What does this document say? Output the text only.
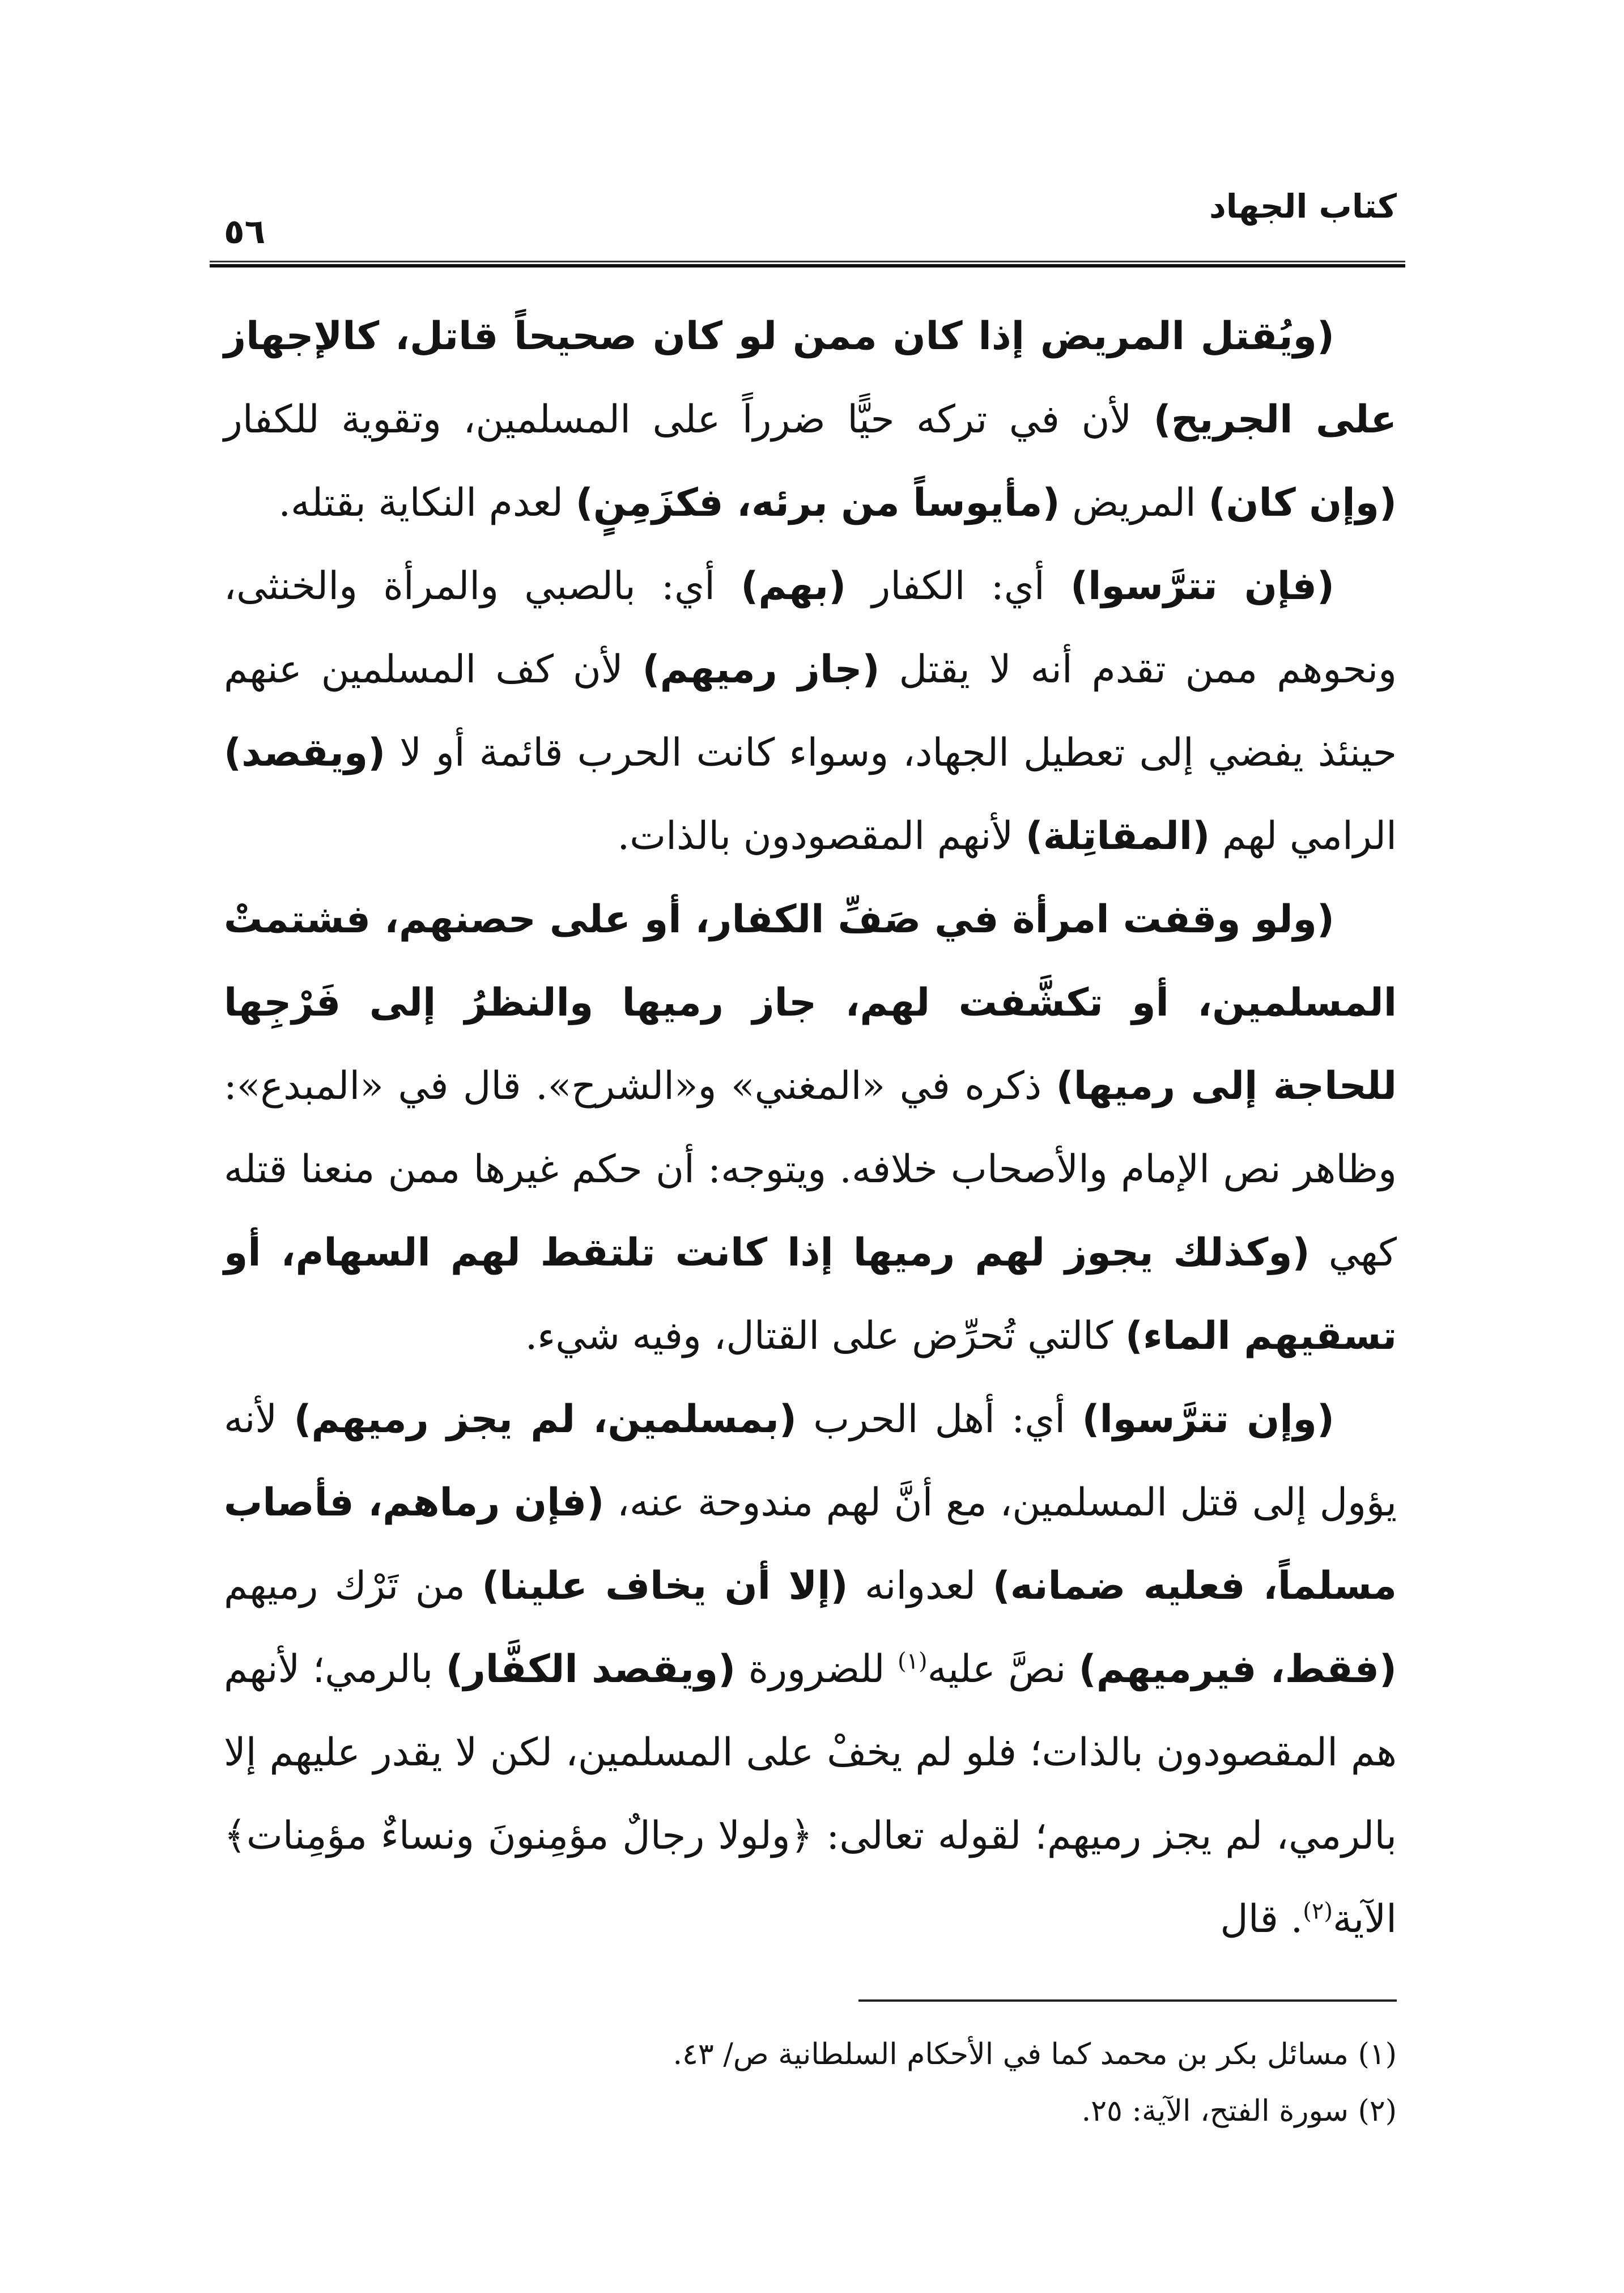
كتاب الجهاد
٥٦

(ويُقتل المريض إذا كان ممن لو كان صحيحاً قاتل، كالإجهاز على الجريح) لأن في تركه حيًّا ضرراً على المسلمين، وتقوية للكفار (وإن كان) المريض (مأيوساً من برئه، فكزَمِنٍ) لعدم النكاية بقتله.

(فإن تترَّسوا) أي: الكفار (بهم) أي: بالصبي والمرأة والخنثى، ونحوهم ممن تقدم أنه لا يقتل (جاز رميهم) لأن كف المسلمين عنهم حينئذ يفضي إلى تعطيل الجهاد، وسواء كانت الحرب قائمة أو لا (ويقصد) الرامي لهم (المقاتِلة) لأنهم المقصودون بالذات.

(ولو وقفت امرأة في صَفِّ الكفار، أو على حصنهم، فشتمتْ المسلمين، أو تكشَّفت لهم، جاز رميها والنظرُ إلى فَرْجِها للحاجة إلى رميها) ذكره في «المغني» و«الشرح». قال في «المبدع»: وظاهر نص الإمام والأصحاب خلافه. ويتوجه: أن حكم غيرها ممن منعنا قتله كهي (وكذلك يجوز لهم رميها إذا كانت تلتقط لهم السهام، أو تسقيهم الماء) كالتي تُحرِّض على القتال، وفيه شيء.

(وإن تترَّسوا) أي: أهل الحرب (بمسلمين، لم يجز رميهم) لأنه يؤول إلى قتل المسلمين، مع أنَّ لهم مندوحة عنه، (فإن رماهم، فأصاب مسلماً، فعليه ضمانه) لعدوانه (إلا أن يخاف علينا) من تَرْك رميهم (فقط، فيرميهم) نصَّ عليه$^{(١)}$ للضرورة (ويقصد الكفَّار) بالرمي؛ لأنهم هم المقصودون بالذات؛ فلو لم يخفْ على المسلمين، لكن لا يقدر عليهم إلا بالرمي، لم يجز رميهم؛ لقوله تعالى: ﴿ولولا رجالٌ مؤمِنونَ ونساءٌ مؤمِنات﴾ الآية$^{(٢)}$. قال

(١) مسائل بكر بن محمد كما في الأحكام السلطانية ص/ ٤٣.
(٢) سورة الفتح، الآية: ٢٥.
